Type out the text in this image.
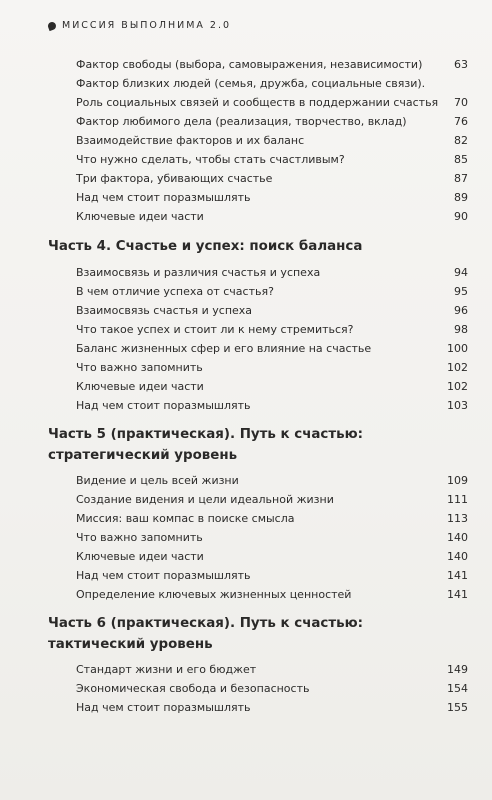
МИССИЯ ВЫПОЛНИМА 2.0
Фактор свободы (выбора, самовыражения, независимости)	63
Фактор близких людей (семья, дружба, социальные связи).
Роль социальных связей и сообществ в поддержании счастья 70
Фактор любимого дела (реализация, творчество, вклад)	76
Взаимодействие факторов и их баланс	82
Что нужно сделать, чтобы стать счастливым?	85
Три фактора, убивающих счастье	87
Над чем стоит поразмышлять	89
Ключевые идеи части	90
Часть 4. Счастье и успех: поиск баланса
Взаимосвязь и различия счастья и успеха	94
В чем отличие успеха от счастья?	95
Взаимосвязь счастья и успеха	96
Что такое успех и стоит ли к нему стремиться?	98
Баланс жизненных сфер и его влияние на счастье	100
Что важно запомнить	102
Ключевые идеи части	102
Над чем стоит поразмышлять	103
Часть 5 (практическая). Путь к счастью:
стратегический уровень
Видение и цель всей жизни	109
Создание видения и цели идеальной жизни	111
Миссия: ваш компас в поиске смысла	113
Что важно запомнить	140
Ключевые идеи части	140
Над чем стоит поразмышлять	141
Определение ключевых жизненных ценностей	141
Часть 6 (практическая). Путь к счастью:
тактический уровень
Стандарт жизни и его бюджет	149
Экономическая свобода и безопасность	154
Над чем стоит поразмышлять	155
